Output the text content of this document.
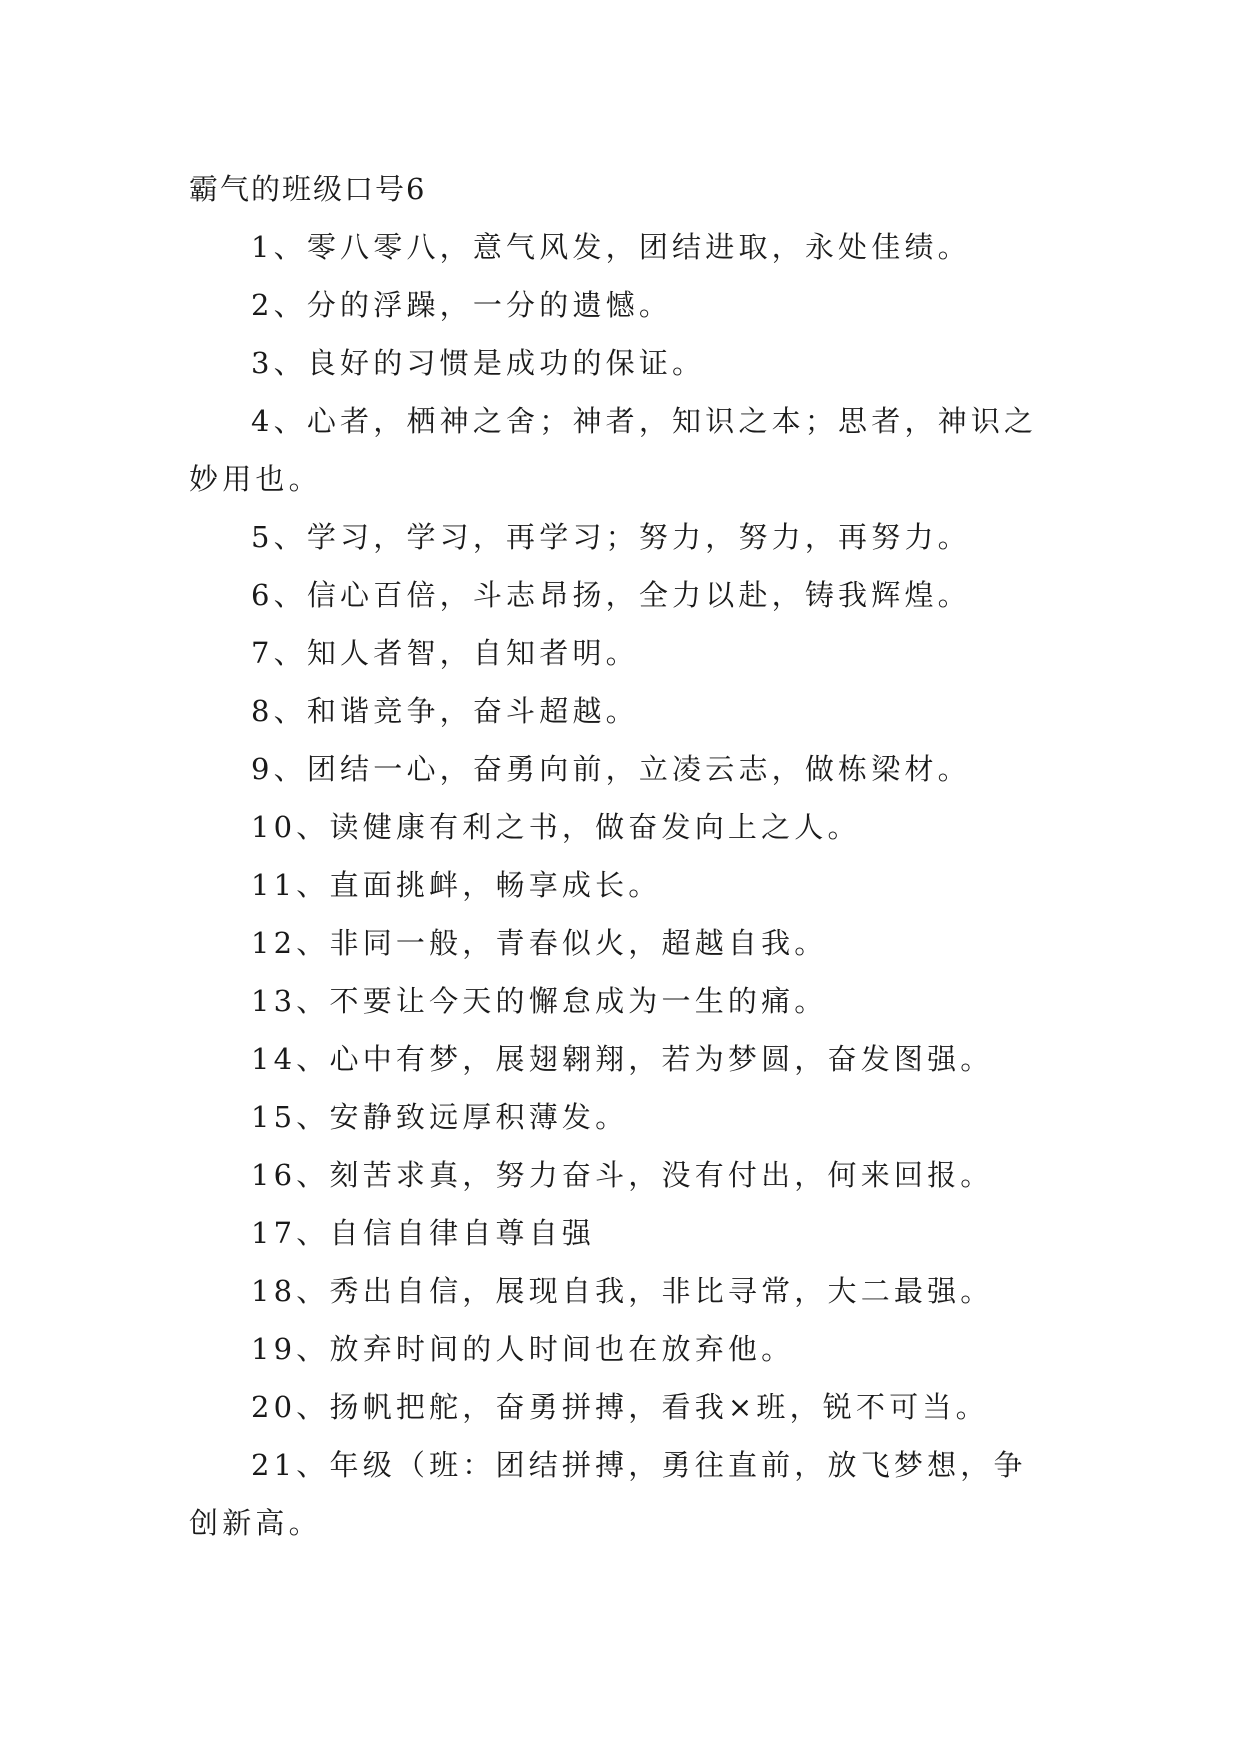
霸气的班级口号6

1、零八零八，意气风发，团结进取，永处佳绩。

2、分的浮躁，一分的遗憾。

3、良好的习惯是成功的保证。

4、心者，栖神之舍；神者，知识之本；思者，神识之妙用也。

5、学习，学习，再学习；努力，努力，再努力。

6、信心百倍，斗志昂扬，全力以赴，铸我辉煌。

7、知人者智，自知者明。

8、和谐竞争，奋斗超越。

9、团结一心，奋勇向前，立凌云志，做栋梁材。

10、读健康有利之书，做奋发向上之人。

11、直面挑衅，畅享成长。

12、非同一般，青春似火，超越自我。

13、不要让今天的懈怠成为一生的痛。

14、心中有梦，展翅翱翔，若为梦圆，奋发图强。

15、安静致远厚积薄发。

16、刻苦求真，努力奋斗，没有付出，何来回报。

17、自信自律自尊自强

18、秀出自信，展现自我，非比寻常，大二最强。

19、放弃时间的人时间也在放弃他。

20、扬帆把舵，奋勇拼搏，看我×班，锐不可当。

21、年级（班：团结拼搏，勇往直前，放飞梦想，争创新高。
